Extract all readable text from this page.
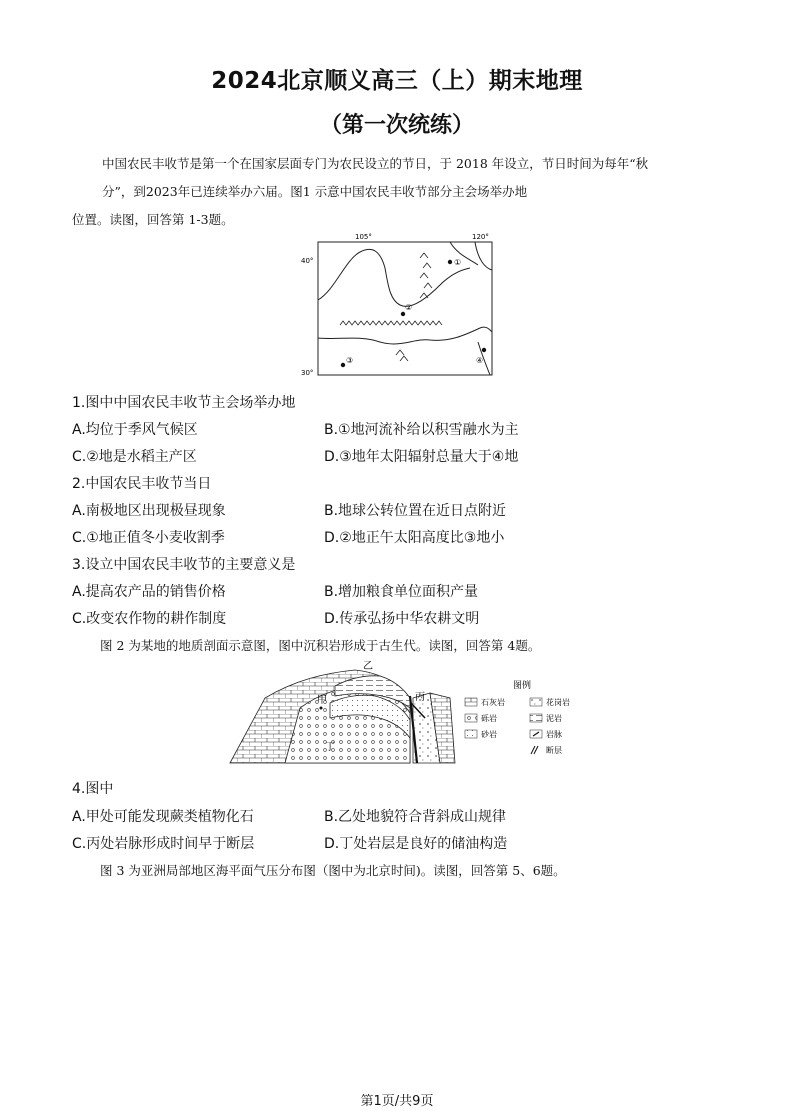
2024北京顺义高三（上）期末地理
（第一次统练）

中国农民丰收节是第一个在国家层面专门为农民设立的节日，于 2018 年设立，节日时间为每年“秋

分”，到2023年已连续举办六届。图1 示意中国农民丰收节部分主会场举办地

位置。读图，回答第 1-3题。

105°	120°
40°
30°
①
②
③	④
1.图中中国农民丰收节主会场举办地
A.均位于季风气候区	B.①地河流补给以积雪融水为主
C.②地是水稻主产区	D.③地年太阳辐射总量大于④地
2.中国农民丰收节当日
A.南极地区出现极昼现象	B.地球公转位置在近日点附近
C.①地正值冬小麦收割季	D.②地正午太阳高度比③地小
3.设立中国农民丰收节的主要意义是
A.提高农产品的销售价格	B.增加粮食单位面积产量
C.改变农作物的耕作制度	D.传承弘扬中华农耕文明
图 2 为某地的地质剖面示意图，图中沉积岩形成于古生代。读图，回答第 4题。
乙
甲	丙
丁
图例
石灰岩	花岗岩
砾岩	泥岩
砂岩	岩脉
断层
4.图中
A.甲处可能发现蕨类植物化石	B.乙处地貌符合背斜成山规律
C.丙处岩脉形成时间早于断层	D.丁处岩层是良好的储油构造
图 3 为亚洲局部地区海平面气压分布图（图中为北京时间)。读图，回答第 5、6题。
第1页/共9页
